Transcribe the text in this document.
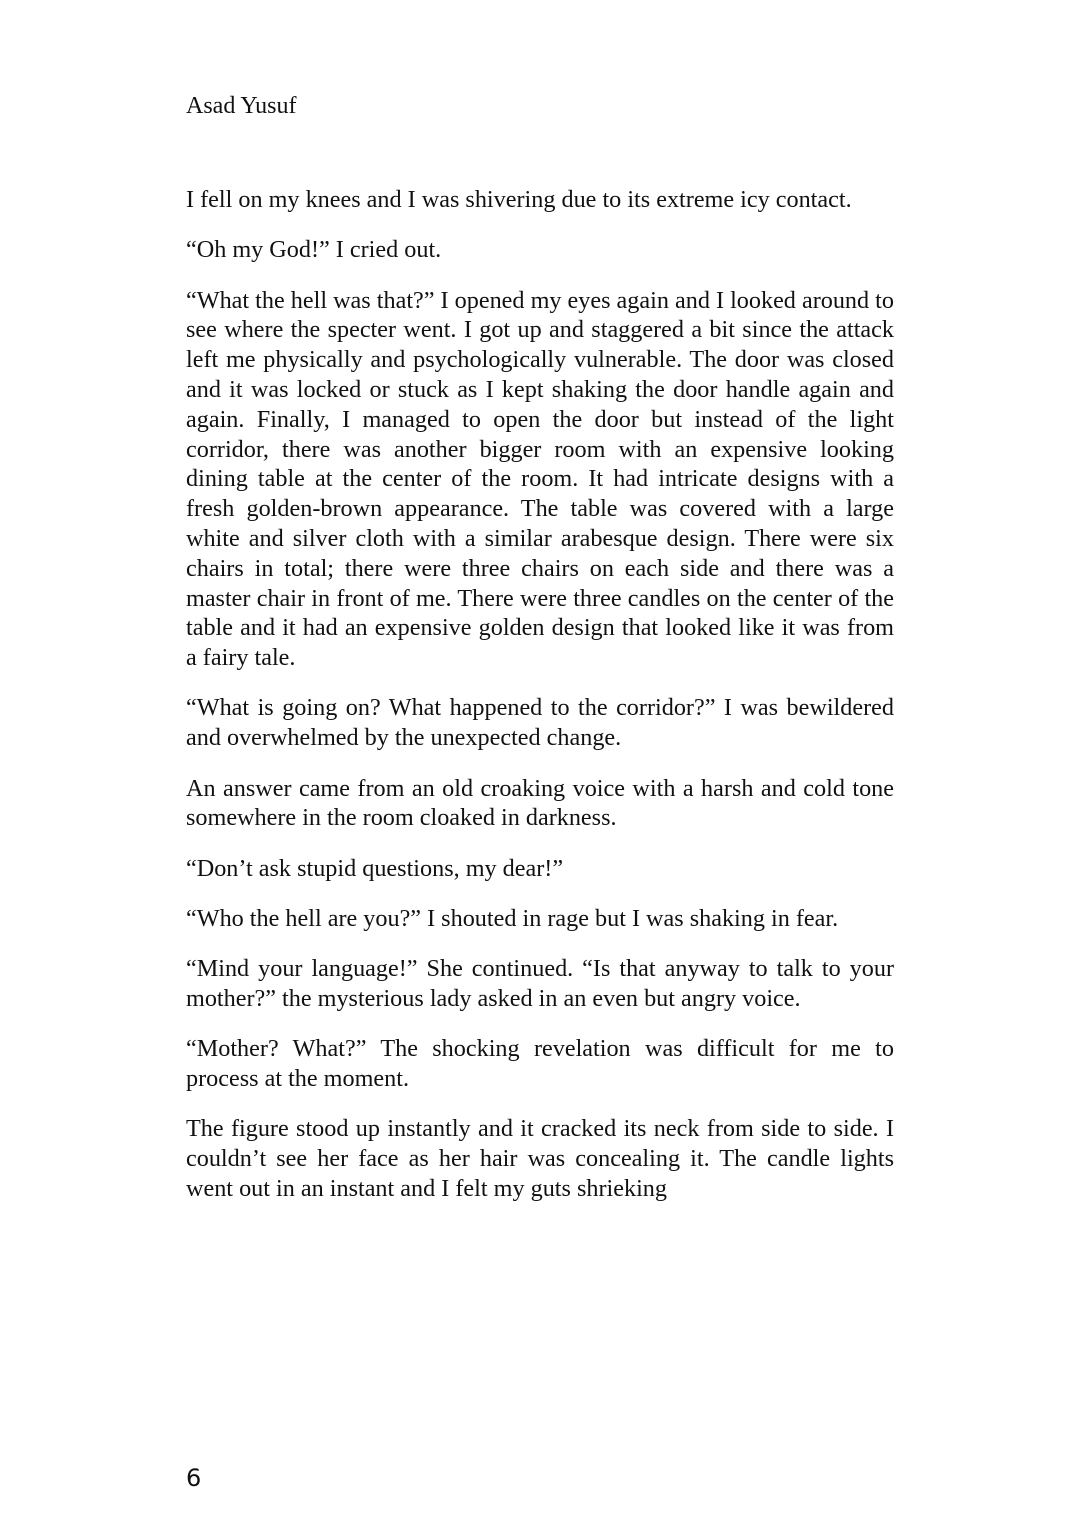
Asad Yusuf

I fell on my knees and I was shivering due to its extreme icy contact.

“Oh my God!” I cried out.

“What the hell was that?” I opened my eyes again and I looked around to see where the specter went. I got up and staggered a bit since the attack left me physically and psychologically vulnerable. The door was closed and it was locked or stuck as I kept shaking the door handle again and again. Finally, I managed to open the door but instead of the light corridor, there was another bigger room with an expensive looking dining table at the center of the room. It had intricate designs with a fresh golden-brown appearance. The table was covered with a large white and silver cloth with a similar arabesque design. There were six chairs in total; there were three chairs on each side and there was a master chair in front of me. There were three candles on the center of the table and it had an expensive golden design that looked like it was from a fairy tale.

“What is going on? What happened to the corridor?” I was bewildered and overwhelmed by the unexpected change.

An answer came from an old croaking voice with a harsh and cold tone somewhere in the room cloaked in darkness.

“Don’t ask stupid questions, my dear!”

“Who the hell are you?” I shouted in rage but I was shaking in fear.

“Mind your language!” She continued. “Is that anyway to talk to your mother?” the mysterious lady asked in an even but angry voice.

“Mother? What?” The shocking revelation was difficult for me to process at the moment.

The figure stood up instantly and it cracked its neck from side to side. I couldn’t see her face as her hair was concealing it. The candle lights went out in an instant and I felt my guts shrieking

6
